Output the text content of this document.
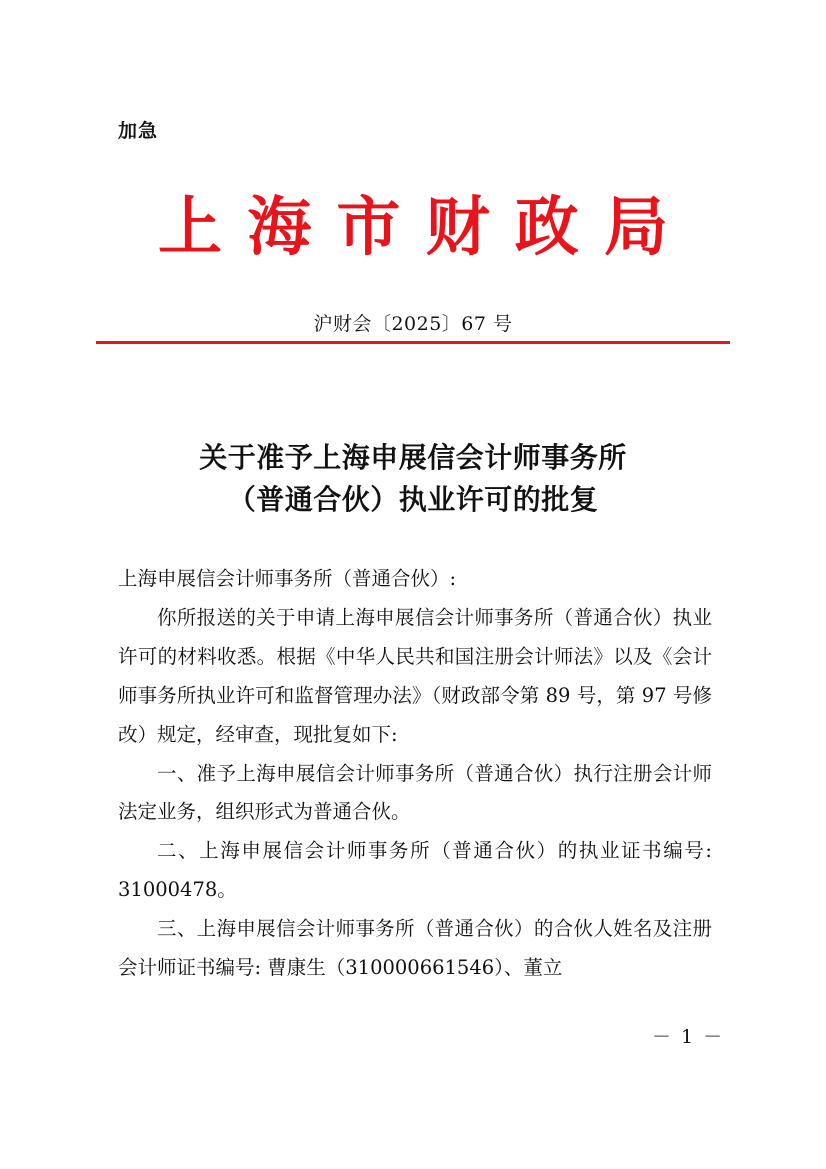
加急
上 海 市 财 政 局
沪财会〔2025〕67 号
关于准予上海申展信会计师事务所
（普通合伙）执业许可的批复

上海申展信会计师事务所（普通合伙）:

你所报送的关于申请上海申展信会计师事务所（普通合伙）执业许可的材料收悉。根据《中华人民共和国注册会计师法》以及《会计师事务所执业许可和监督管理办法》（财政部令第 89 号，第 97 号修改）规定，经审查，现批复如下:

一、准予上海申展信会计师事务所（普通合伙）执行注册会计师法定业务，组织形式为普通合伙。

二、上海申展信会计师事务所（普通合伙）的执业证书编号: 31000478。

三、上海申展信会计师事务所（普通合伙）的合伙人姓名及注册会计师证书编号: 曹康生（310000661546）、董立

－ 1 －
